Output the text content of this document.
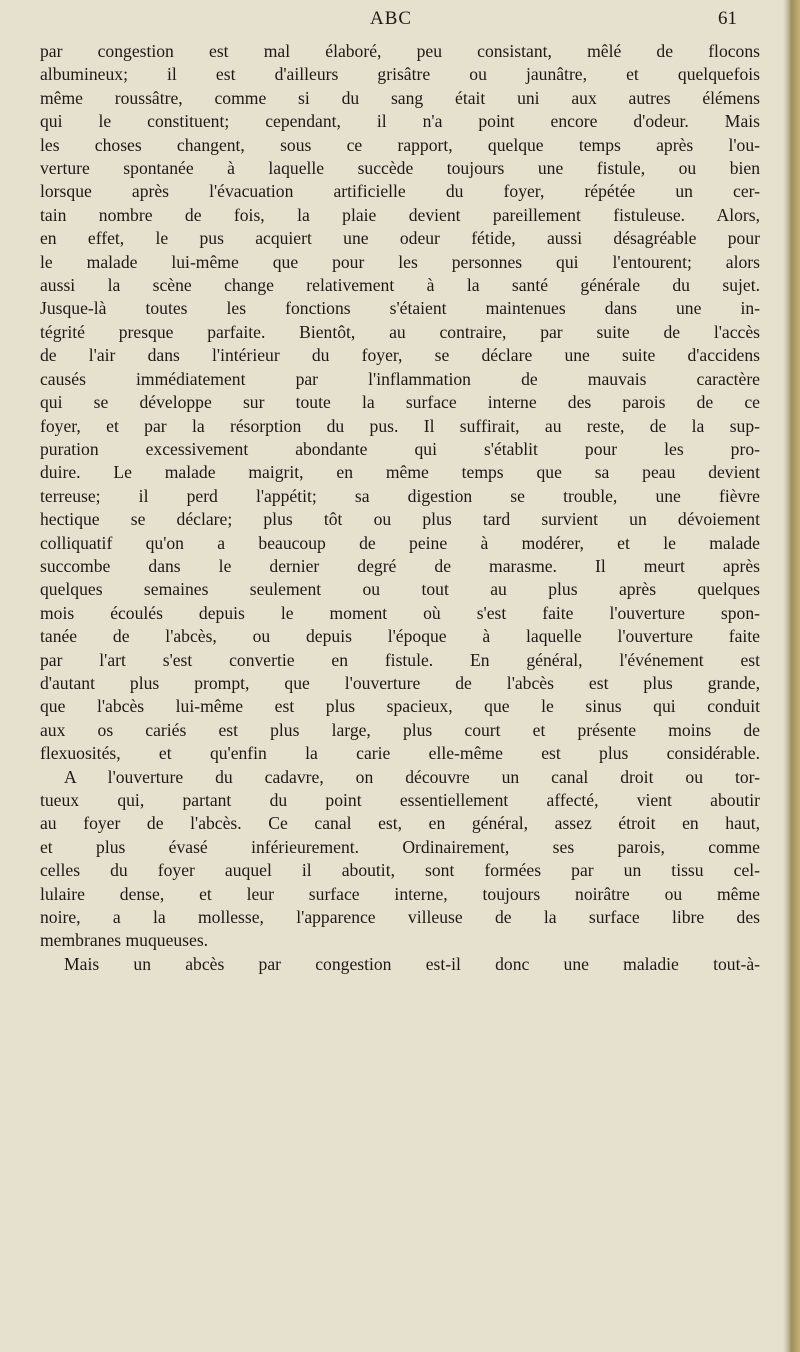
ABC	61
par congestion est mal élaboré, peu consistant, mêlé de flocons
albumineux; il est d'ailleurs grisâtre ou jaunâtre, et quelquefois
même roussâtre, comme si du sang était uni aux autres élémens
qui le constituent; cependant, il n'a point encore d'odeur. Mais
les choses changent, sous ce rapport, quelque temps après l'ou-
verture spontanée à laquelle succède toujours une fistule, ou bien
lorsque après l'évacuation artificielle du foyer, répétée un cer-
tain nombre de fois, la plaie devient pareillement fistuleuse. Alors,
en effet, le pus acquiert une odeur fétide, aussi désagréable pour
le malade lui-même que pour les personnes qui l'entourent; alors
aussi la scène change relativement à la santé générale du sujet.
Jusque-là toutes les fonctions s'étaient maintenues dans une in-
tégrité presque parfaite. Bientôt, au contraire, par suite de l'accès
de l'air dans l'intérieur du foyer, se déclare une suite d'accidens
causés immédiatement par l'inflammation de mauvais caractère
qui se développe sur toute la surface interne des parois de ce
foyer, et par la résorption du pus. Il suffirait, au reste, de la sup-
puration excessivement abondante qui s'établit pour les pro-
duire. Le malade maigrit, en même temps que sa peau devient
terreuse; il perd l'appétit; sa digestion se trouble, une fièvre
hectique se déclare; plus tôt ou plus tard survient un dévoiement
colliquatif qu'on a beaucoup de peine à modérer, et le malade
succombe dans le dernier degré de marasme. Il meurt après
quelques semaines seulement ou tout au plus après quelques
mois écoulés depuis le moment où s'est faite l'ouverture spon-
tanée de l'abcès, ou depuis l'époque à laquelle l'ouverture faite
par l'art s'est convertie en fistule. En général, l'événement est
d'autant plus prompt, que l'ouverture de l'abcès est plus grande,
que l'abcès lui-même est plus spacieux, que le sinus qui conduit
aux os cariés est plus large, plus court et présente moins de
flexuosités, et qu'enfin la carie elle-même est plus considérable.
A l'ouverture du cadavre, on découvre un canal droit ou tor-
tueux qui, partant du point essentiellement affecté, vient aboutir
au foyer de l'abcès. Ce canal est, en général, assez étroit en haut,
et plus évasé inférieurement. Ordinairement, ses parois, comme
celles du foyer auquel il aboutit, sont formées par un tissu cel-
lulaire dense, et leur surface interne, toujours noirâtre ou même
noire, a la mollesse, l'apparence villeuse de la surface libre des
membranes muqueuses.
Mais un abcès par congestion est-il donc une maladie tout-à-
